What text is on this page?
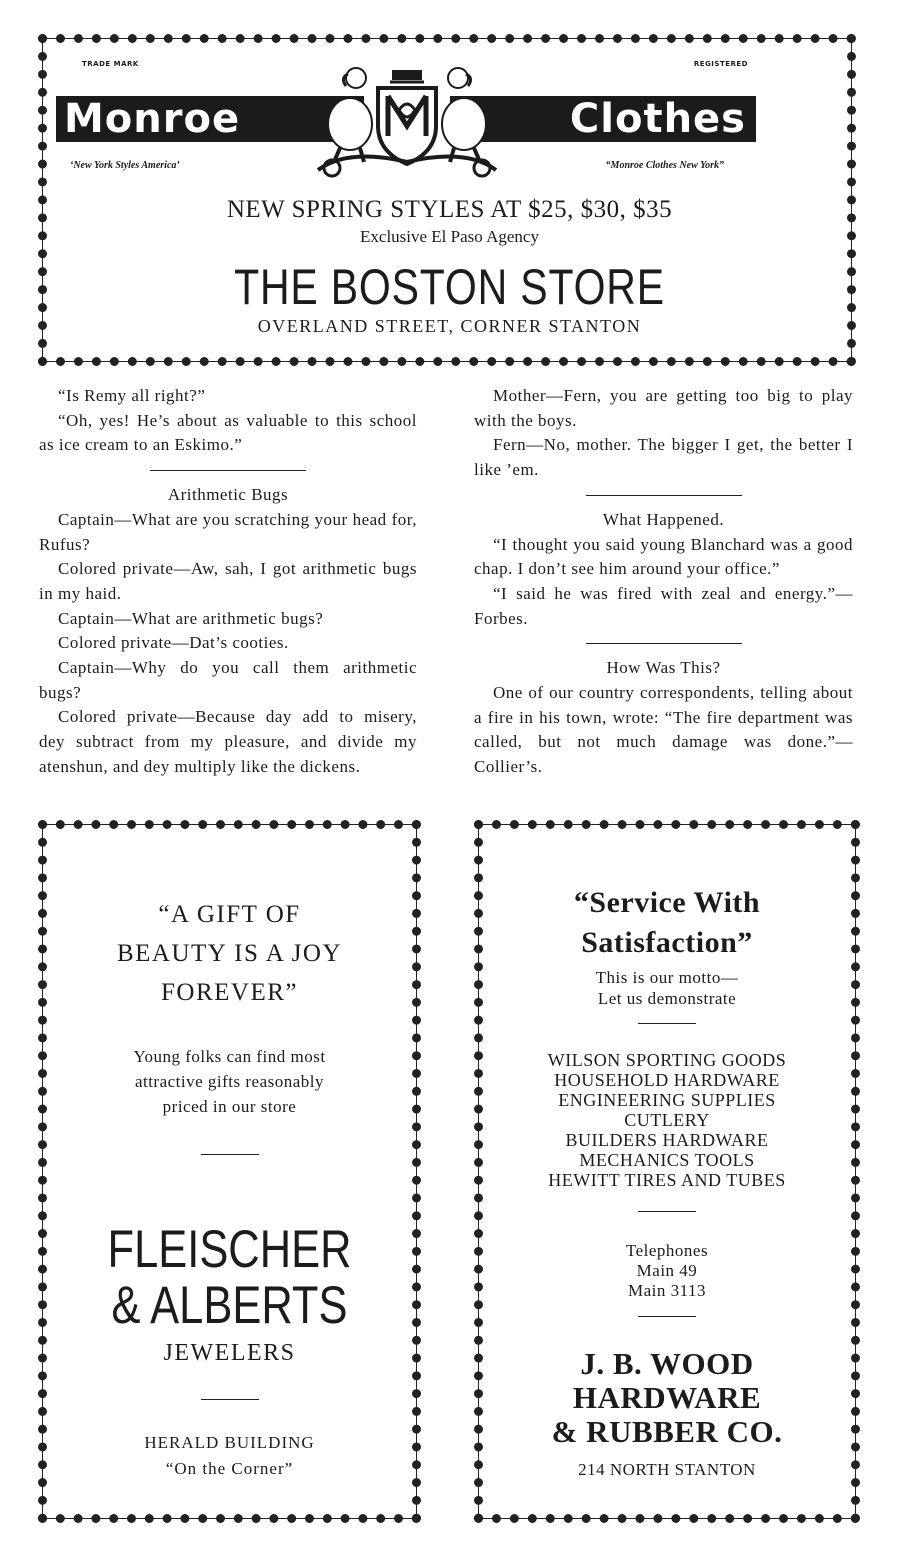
TRADE MARK	REGISTERED
Monroe	Clothes
‘New York Styles America’	“Monroe Clothes New York”
NEW SPRING STYLES AT $25, $30, $35
Exclusive El Paso Agency
THE BOSTON STORE
OVERLAND STREET, CORNER STANTON

“Is Remy all right?”

“Oh, yes! He’s about as valuable to this school as ice cream to an Eskimo.”

Arithmetic Bugs

Captain—What are you scratching your head for, Rufus?

Colored private—Aw, sah, I got arithmetic bugs in my haid.

Captain—What are arithmetic bugs?

Colored private—Dat’s cooties.

Captain—Why do you call them arithmetic bugs?

Colored private—Because day add to misery, dey subtract from my pleasure, and divide my atenshun, and dey multiply like the dickens.

Mother—Fern, you are getting too big to play with the boys.

Fern—No, mother. The bigger I get, the better I like ’em.

What Happened.

“I thought you said young Blanchard was a good chap. I don’t see him around your office.”

“I said he was fired with zeal and energy.”—Forbes.

How Was This?

One of our country correspondents, telling about a fire in his town, wrote: “The fire department was called, but not much damage was done.”—Collier’s.

“A GIFT OF
BEAUTY IS A JOY
FOREVER”
Young folks can find most
attractive gifts reasonably
priced in our store
FLEISCHER
& ALBERTS
JEWELERS
HERALD BUILDING
“On the Corner”
“Service With
Satisfaction”
This is our motto—
Let us demonstrate
WILSON SPORTING GOODS
HOUSEHOLD HARDWARE
ENGINEERING SUPPLIES
CUTLERY
BUILDERS HARDWARE
MECHANICS TOOLS
HEWITT TIRES AND TUBES
Telephones
Main 49
Main 3113
J. B. WOOD
HARDWARE
& RUBBER CO.
214 NORTH STANTON
